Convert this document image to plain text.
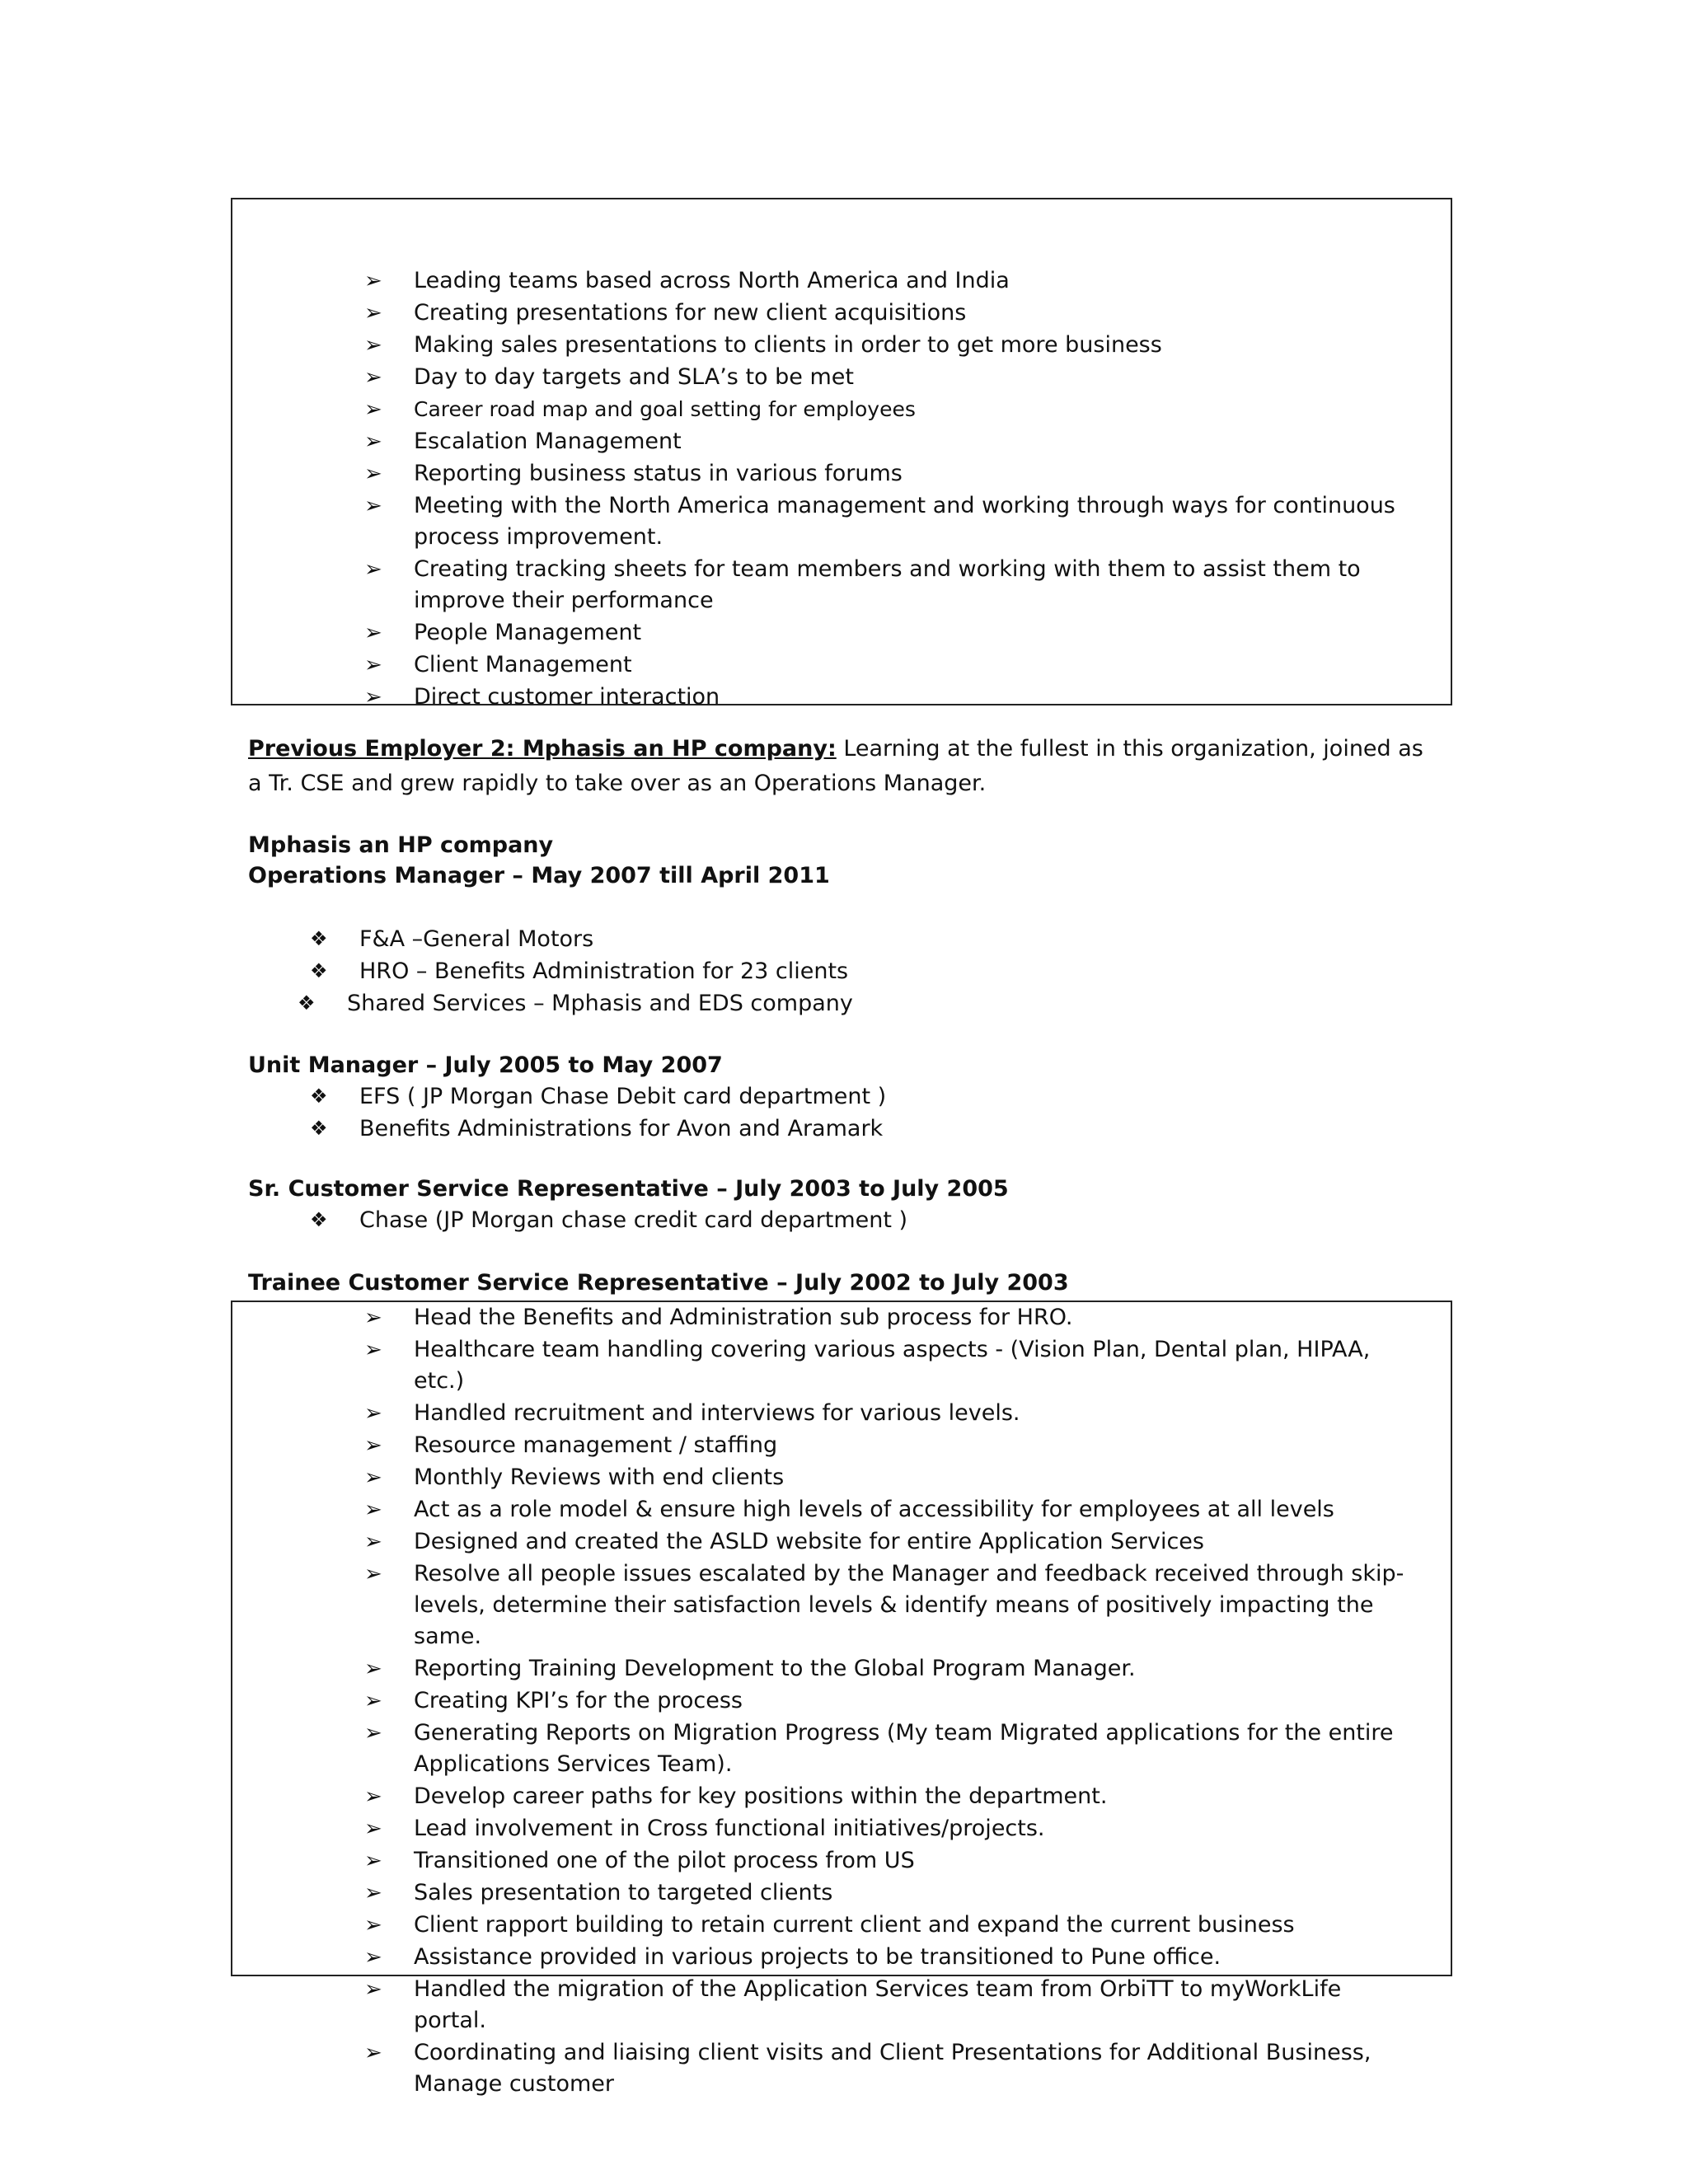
➢	Leading teams based across North America and India
➢	Creating presentations for new client acquisitions
➢	Making sales presentations to clients in order to get more business
➢	Day to day targets and SLA’s to be met
➢	Career road map and goal setting for employees
➢	Escalation Management
➢	Reporting business status in various forums
➢	Meeting with the North America management and working through ways for continuous process improvement.
➢	Creating tracking sheets for team members and working with them to assist them to improve their performance
➢	People Management
➢	Client Management
➢	Direct customer interaction
Previous Employer 2: Mphasis an HP company: Learning at the fullest in this organization, joined as a Tr. CSE and grew rapidly to take over as an Operations Manager.
Mphasis an HP company
Operations Manager – May 2007 till April 2011
❖ F&A –General Motors
❖ HRO – Benefits Administration for 23 clients
❖ Shared Services – Mphasis and EDS company
Unit Manager – July 2005 to May 2007
❖ EFS ( JP Morgan Chase Debit card department )
❖ Benefits Administrations for Avon and Aramark
Sr. Customer Service Representative – July 2003 to July 2005
❖ Chase (JP Morgan chase credit card department )
Trainee Customer Service Representative – July 2002 to July 2003
➢	Head the Benefits and Administration sub process for HRO.
➢	Healthcare team handling covering various aspects - (Vision Plan, Dental plan, HIPAA, etc.)
➢	Handled recruitment and interviews for various levels.
➢	Resource management / staffing
➢	Monthly Reviews with end clients
➢	Act as a role model & ensure high levels of accessibility for employees at all levels
➢	Designed and created the ASLD website for entire Application Services
➢	Resolve all people issues escalated by the Manager and feedback received through skip-levels, determine their satisfaction levels & identify means of positively impacting the same.
➢	Reporting Training Development to the Global Program Manager.
➢	Creating KPI’s for the process
➢	Generating Reports on Migration Progress (My team Migrated applications for the entire Applications Services Team).
➢	Develop career paths for key positions within the department.
➢	Lead involvement in Cross functional initiatives/projects.
➢	Transitioned one of the pilot process from US
➢	Sales presentation to targeted clients
➢	Client rapport building to retain current client and expand the current business
➢	Assistance provided in various projects to be transitioned to Pune office.
➢	Handled the migration of the Application Services team from OrbiTT to myWorkLife portal.
➢	Coordinating and liaising client visits and Client Presentations for Additional Business, Manage customer
